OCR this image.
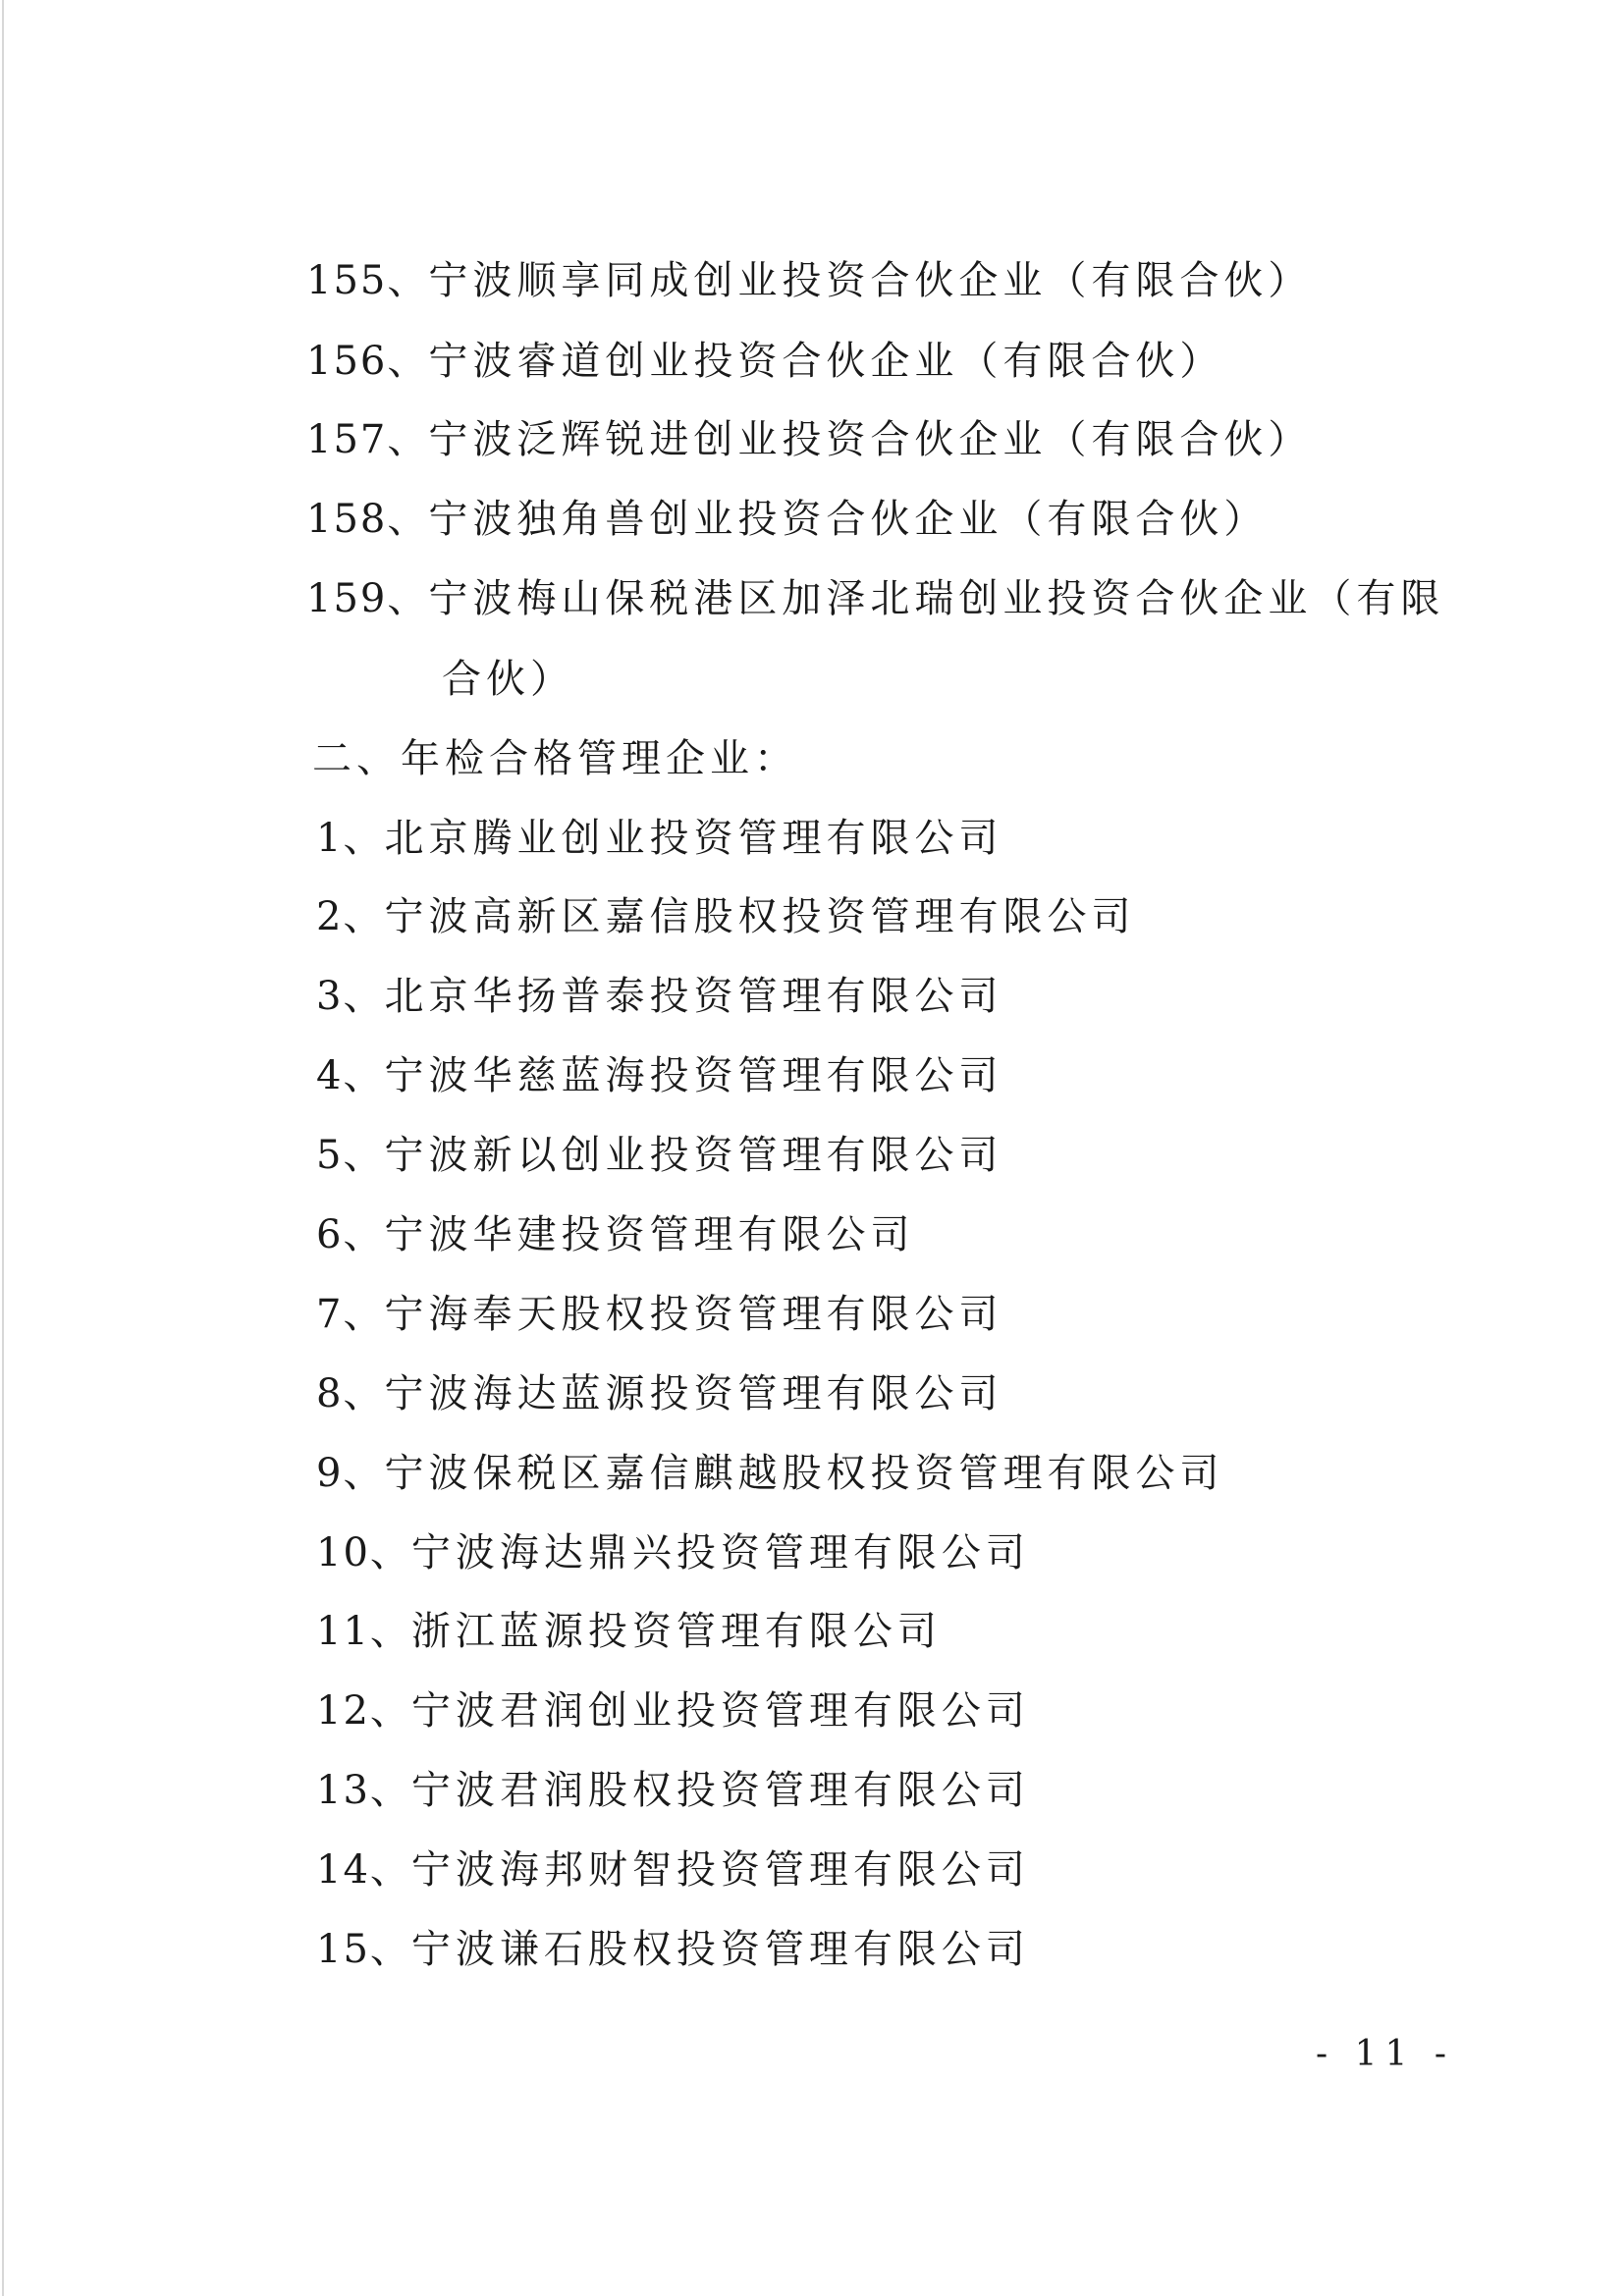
155、宁波顺享同成创业投资合伙企业（有限合伙）
156、宁波睿道创业投资合伙企业（有限合伙）
157、宁波泛辉锐进创业投资合伙企业（有限合伙）
158、宁波独角兽创业投资合伙企业（有限合伙）
159、宁波梅山保税港区加泽北瑞创业投资合伙企业（有限
合伙）
二、年检合格管理企业：
1、北京腾业创业投资管理有限公司
2、宁波高新区嘉信股权投资管理有限公司
3、北京华扬普泰投资管理有限公司
4、宁波华慈蓝海投资管理有限公司
5、宁波新以创业投资管理有限公司
6、宁波华建投资管理有限公司
7、宁海奉天股权投资管理有限公司
8、宁波海达蓝源投资管理有限公司
9、宁波保税区嘉信麒越股权投资管理有限公司
10、宁波海达鼎兴投资管理有限公司
11、浙江蓝源投资管理有限公司
12、宁波君润创业投资管理有限公司
13、宁波君润股权投资管理有限公司
14、宁波海邦财智投资管理有限公司
15、宁波谦石股权投资管理有限公司
- 11 -
